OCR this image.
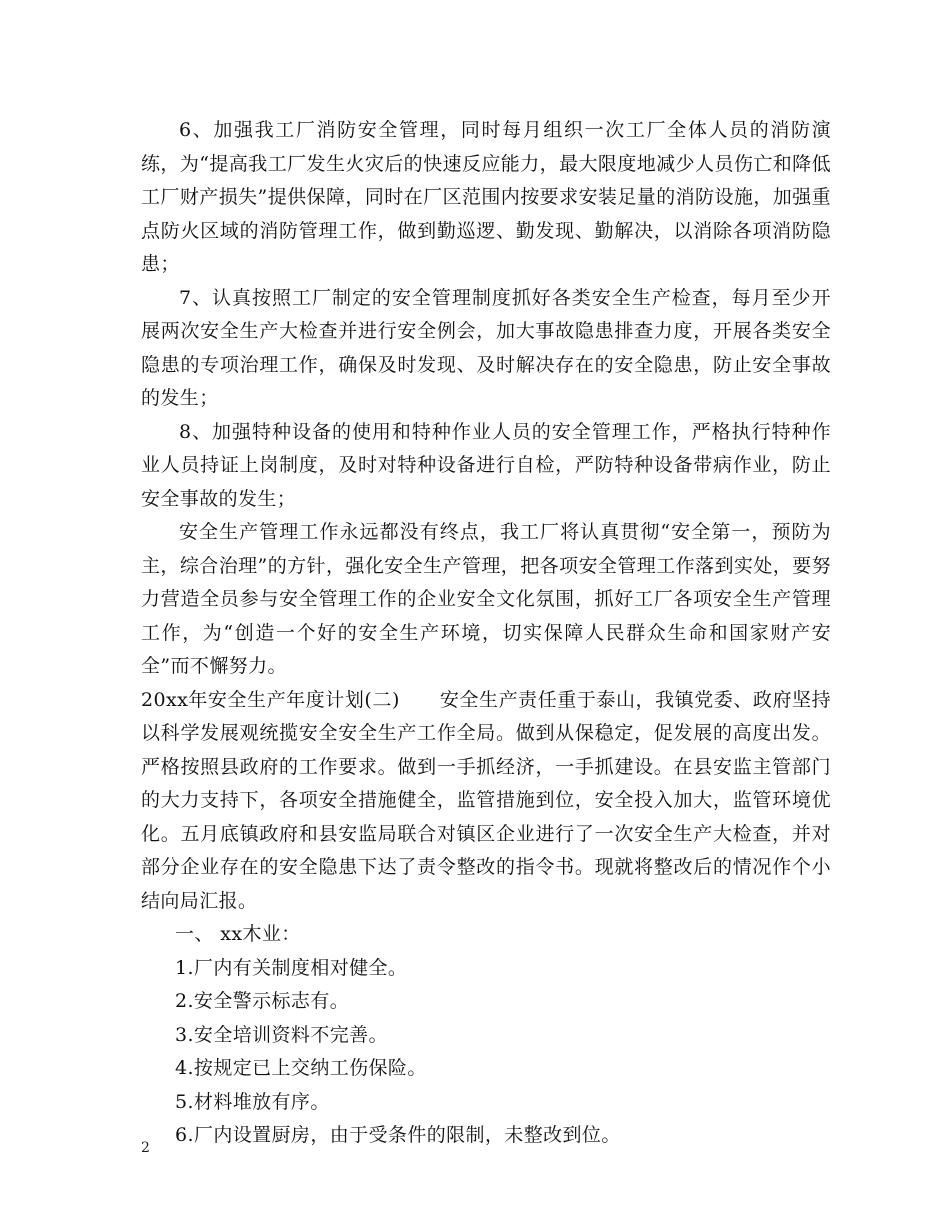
6、加强我工厂消防安全管理，同时每月组织一次工厂全体人员的消防演练，为“提高我工厂发生火灾后的快速反应能力，最大限度地减少人员伤亡和降低工厂财产损失”提供保障，同时在厂区范围内按要求安装足量的消防设施，加强重点防火区域的消防管理工作，做到勤巡逻、勤发现、勤解决，以消除各项消防隐患；

7、认真按照工厂制定的安全管理制度抓好各类安全生产检查，每月至少开展两次安全生产大检查并进行安全例会，加大事故隐患排查力度，开展各类安全隐患的专项治理工作，确保及时发现、及时解决存在的安全隐患，防止安全事故的发生；

8、加强特种设备的使用和特种作业人员的安全管理工作，严格执行特种作业人员持证上岗制度，及时对特种设备进行自检，严防特种设备带病作业，防止安全事故的发生；

安全生产管理工作永远都没有终点，我工厂将认真贯彻“安全第一，预防为主，综合治理”的方针，强化安全生产管理，把各项安全管理工作落到实处，要努力营造全员参与安全管理工作的企业安全文化氛围，抓好工厂各项安全生产管理工作，为“创造一个好的安全生产环境，切实保障人民群众生命和国家财产安全”而不懈努力。

20xx年安全生产年度计划(二) 安全生产责任重于泰山，我镇党委、政府坚持以科学发展观统揽安全安全生产工作全局。做到从保稳定，促发展的高度出发。严格按照县政府的工作要求。做到一手抓经济，一手抓建设。在县安监主管部门的大力支持下，各项安全措施健全，监管措施到位，安全投入加大，监管环境优化。五月底镇政府和县安监局联合对镇区企业进行了一次安全生产大检查，并对部分企业存在的安全隐患下达了责令整改的指令书。现就将整改后的情况作个小结向局汇报。

一、 xx木业：

1.厂内有关制度相对健全。

2.安全警示标志有。

3.安全培训资料不完善。

4.按规定已上交纳工伤保险。

5.材料堆放有序。

6.厂内设置厨房，由于受条件的限制，未整改到位。

2
